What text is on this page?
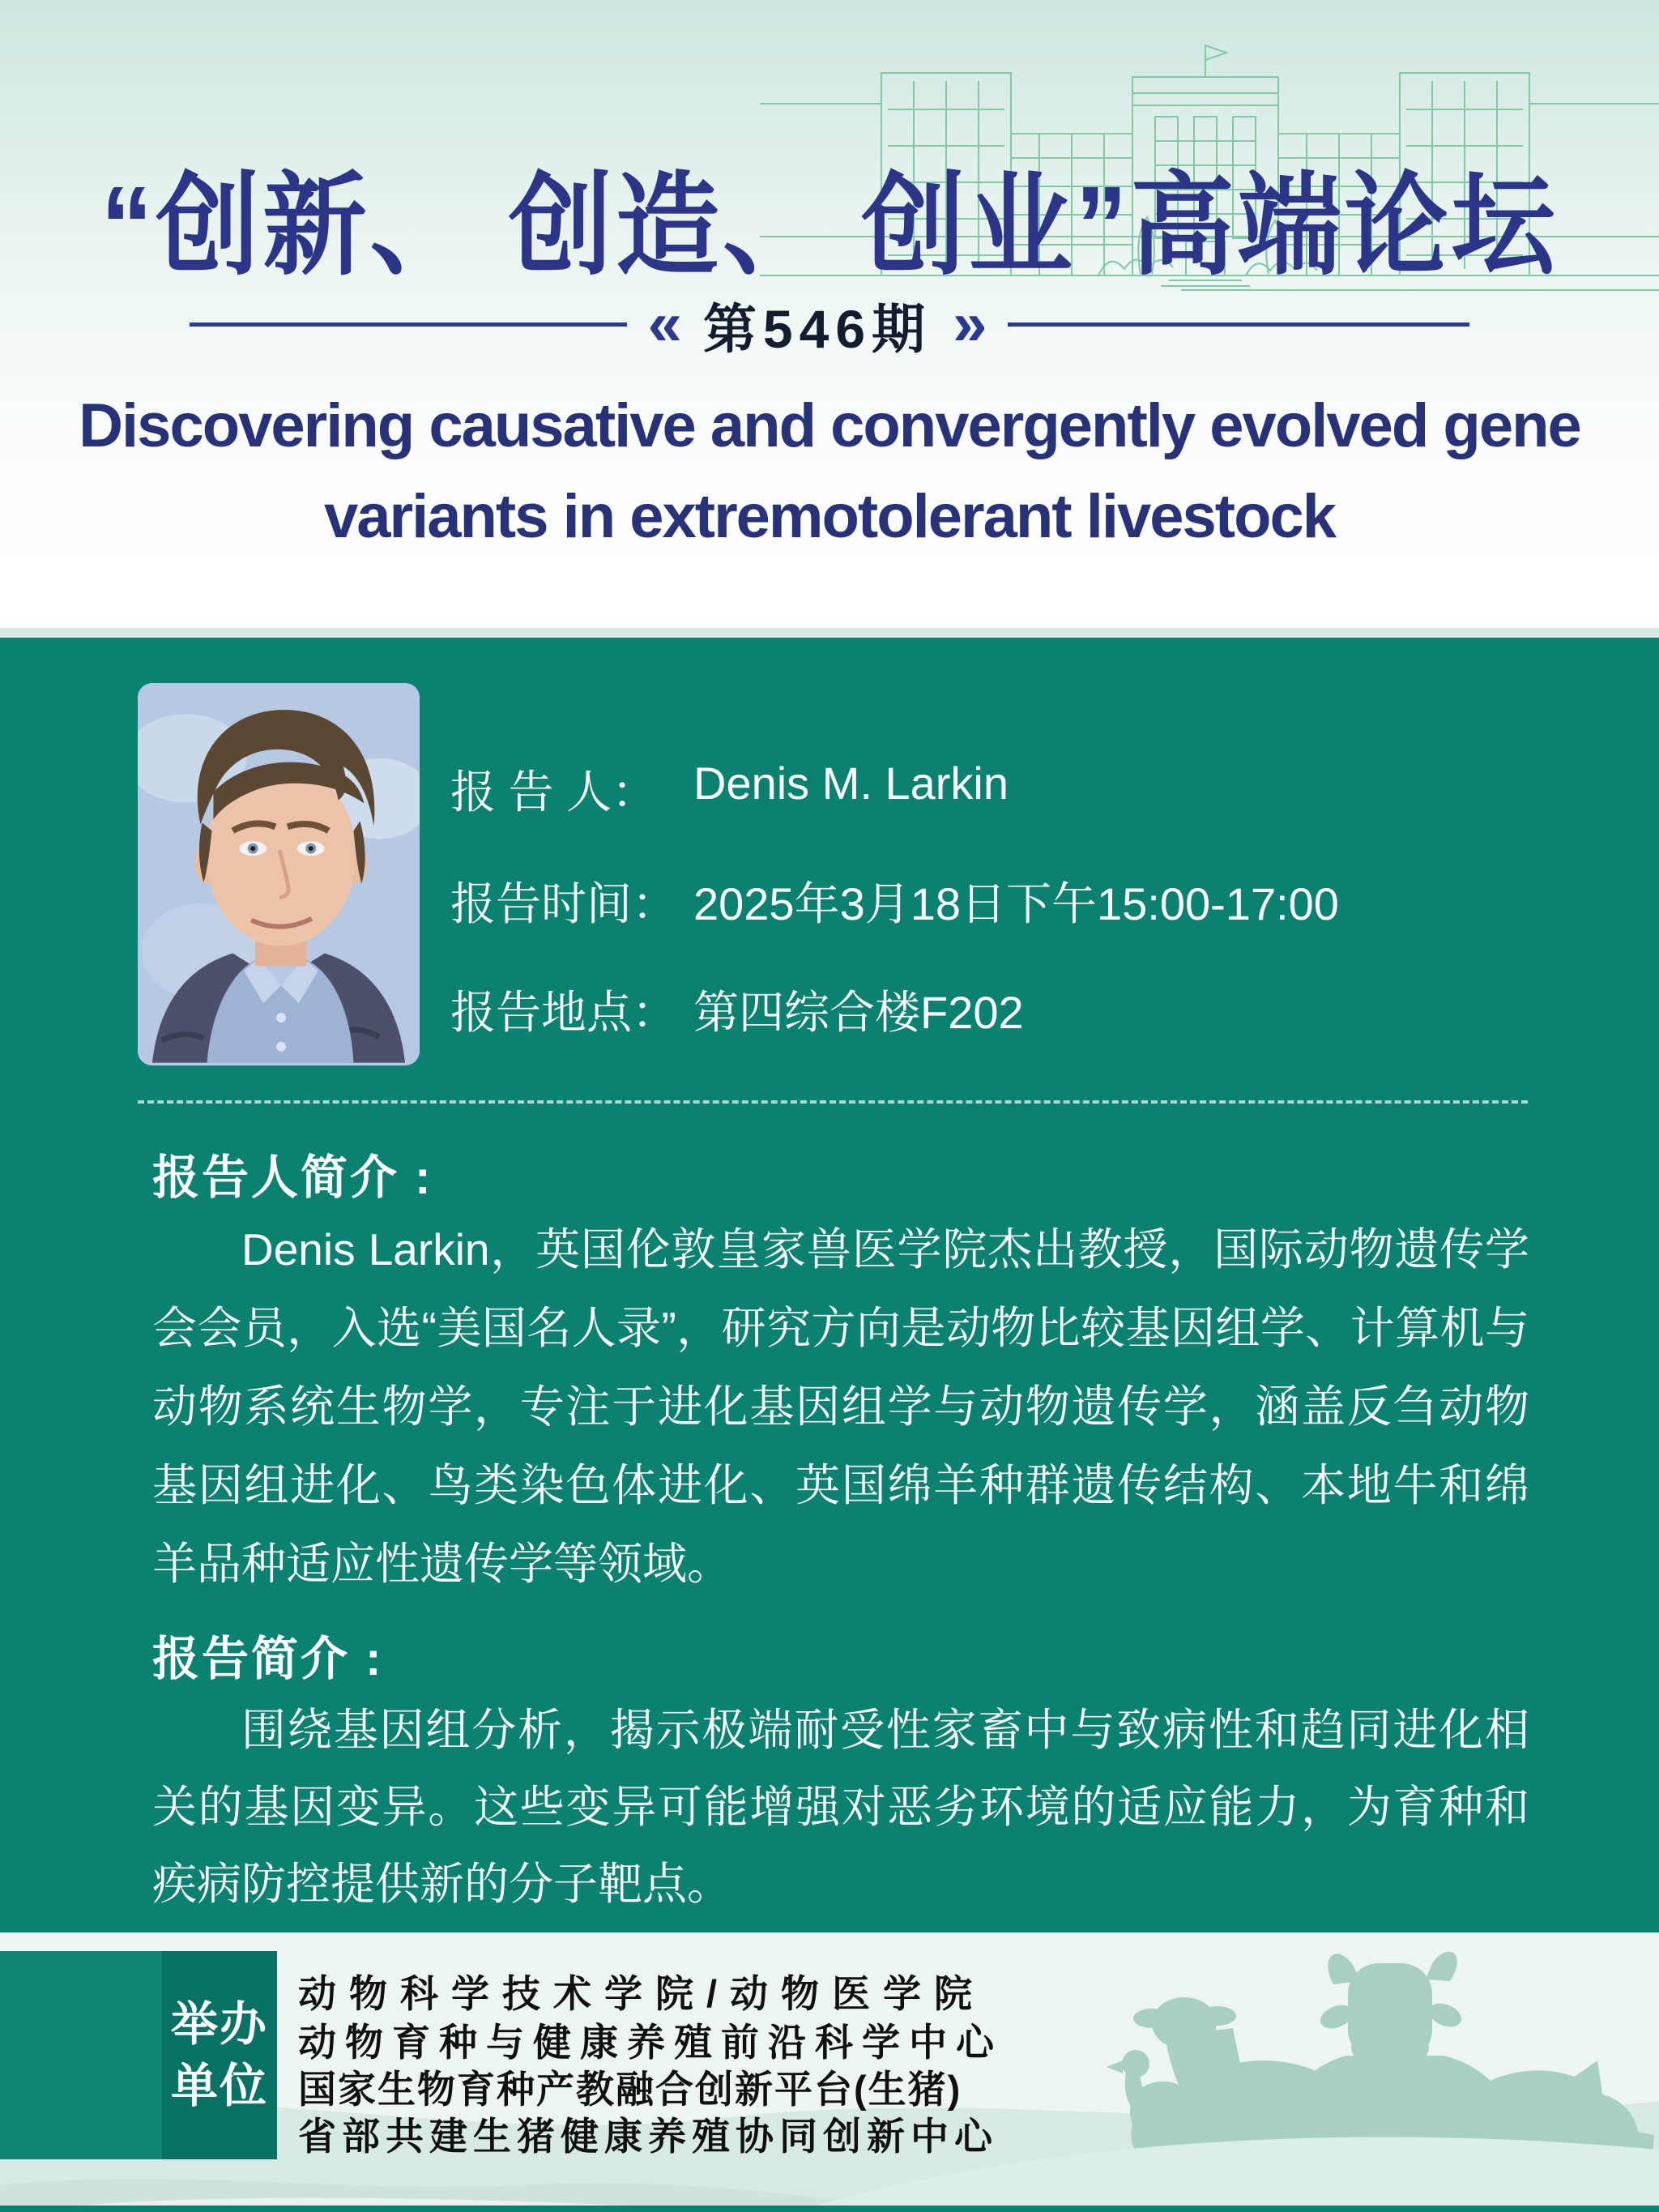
“创新、 创造、 创业”高端论坛
« 第546期 »
Discovering causative and convergently evolved gene
variants in extremotolerant livestock
报 告 人： Denis M. Larkin
报告时间： 2025年3月18日下午15:00-17:00
报告地点： 第四综合楼F202
报告人简介 :
Denis Larkin，英国伦敦皇家兽医学院杰出教授，国际动物遗传学会会员，入选“美国名人录”，研究方向是动物比较基因组学、计算机与动物系统生物学，专注于进化基因组学与动物遗传学，涵盖反刍动物基因组进化、鸟类染色体进化、英国绵羊种群遗传结构、本地牛和绵羊品种适应性遗传学等领域。
报告简介 :
围绕基因组分析，揭示极端耐受性家畜中与致病性和趋同进化相关的基因变异。这些变异可能增强对恶劣环境的适应能力，为育种和疾病防控提供新的分子靶点。
举办
单位
动物科学技术学院/动物医学院
动物育种与健康养殖前沿科学中心
国家生物育种产教融合创新平台(生猪)
省部共建生猪健康养殖协同创新中心
